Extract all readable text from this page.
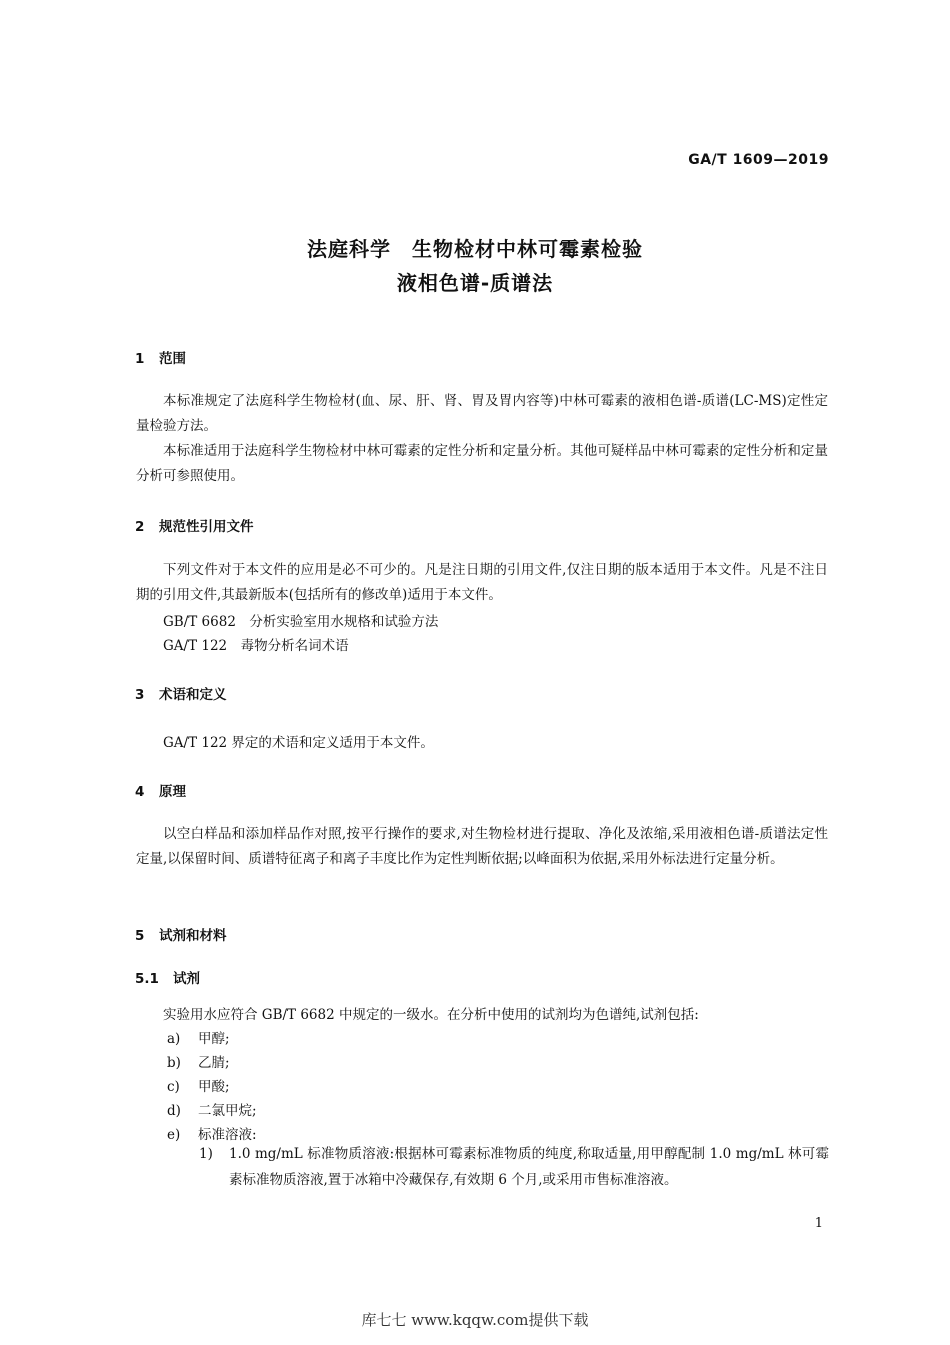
GA/T 1609—2019
法庭科学　生物检材中林可霉素检验
液相色谱-质谱法
1 范围

本标准规定了法庭科学生物检材(血、尿、肝、肾、胃及胃内容等)中林可霉素的液相色谱-质谱(LC-MS)定性定量检验方法。

本标准适用于法庭科学生物检材中林可霉素的定性分析和定量分析。其他可疑样品中林可霉素的定性分析和定量分析可参照使用。

2 规范性引用文件

下列文件对于本文件的应用是必不可少的。凡是注日期的引用文件,仅注日期的版本适用于本文件。凡是不注日期的引用文件,其最新版本(包括所有的修改单)适用于本文件。

GB/T 6682　分析实验室用水规格和试验方法
GA/T 122　毒物分析名词术语
3 术语和定义
GA/T 122 界定的术语和定义适用于本文件。
4 原理

以空白样品和添加样品作对照,按平行操作的要求,对生物检材进行提取、净化及浓缩,采用液相色谱-质谱法定性定量,以保留时间、质谱特征离子和离子丰度比作为定性判断依据;以峰面积为依据,采用外标法进行定量分析。

5 试剂和材料
5.1 试剂
实验用水应符合 GB/T 6682 中规定的一级水。在分析中使用的试剂均为色谱纯,试剂包括:
a) 甲醇;
b) 乙腈;
c) 甲酸;
d) 二氯甲烷;
e) 标准溶液:
1) 1.0 mg/mL 标准物质溶液:根据林可霉素标准物质的纯度,称取适量,用甲醇配制 1.0 mg/mL 林可霉素标准物质溶液,置于冰箱中冷藏保存,有效期 6 个月,或采用市售标准溶液。
1
库七七 www.kqqw.com提供下载
